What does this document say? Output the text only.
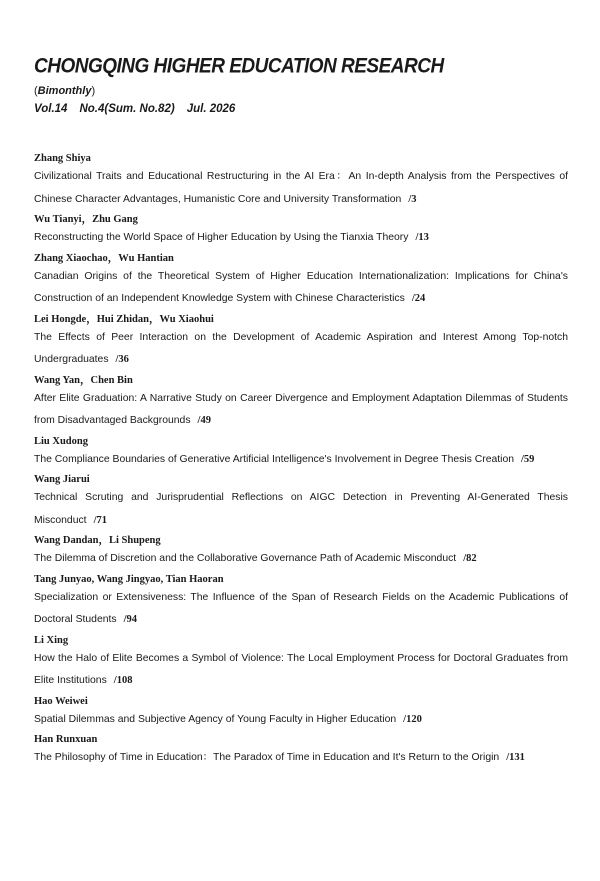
CHONGQING HIGHER EDUCATION RESEARCH
(Bimonthly)
Vol.14 No.4(Sum. No.82) Jul. 2026
Zhang Shiya
Civilizational Traits and Educational Restructuring in the AI Era：An In-depth Analysis from the Perspectives of Chinese Character Advantages, Humanistic Core and University Transformation /3
Wu Tianyi，Zhu Gang
Reconstructing the World Space of Higher Education by Using the Tianxia Theory /13
Zhang Xiaochao，Wu Hantian
Canadian Origins of the Theoretical System of Higher Education Internationalization: Implications for China's Construction of an Independent Knowledge System with Chinese Characteristics /24
Lei Hongde，Hui Zhidan，Wu Xiaohui
The Effects of Peer Interaction on the Development of Academic Aspiration and Interest Among Top-notch Undergraduates /36
Wang Yan，Chen Bin
After Elite Graduation: A Narrative Study on Career Divergence and Employment Adaptation Dilemmas of Students from Disadvantaged Backgrounds /49
Liu Xudong
The Compliance Boundaries of Generative Artificial Intelligence's Involvement in Degree Thesis Creation /59
Wang Jiarui
Technical Scruting and Jurisprudential Reflections on AIGC Detection in Preventing AI-Generated Thesis Misconduct /71
Wang Dandan，Li Shupeng
The Dilemma of Discretion and the Collaborative Governance Path of Academic Misconduct /82
Tang Junyao, Wang Jingyao, Tian Haoran
Specialization or Extensiveness: The Influence of the Span of Research Fields on the Academic Publications of Doctoral Students /94
Li Xing
How the Halo of Elite Becomes a Symbol of Violence: The Local Employment Process for Doctoral Graduates from Elite Institutions /108
Hao Weiwei
Spatial Dilemmas and Subjective Agency of Young Faculty in Higher Education /120
Han Runxuan
The Philosophy of Time in Education：The Paradox of Time in Education and It's Return to the Origin /131
